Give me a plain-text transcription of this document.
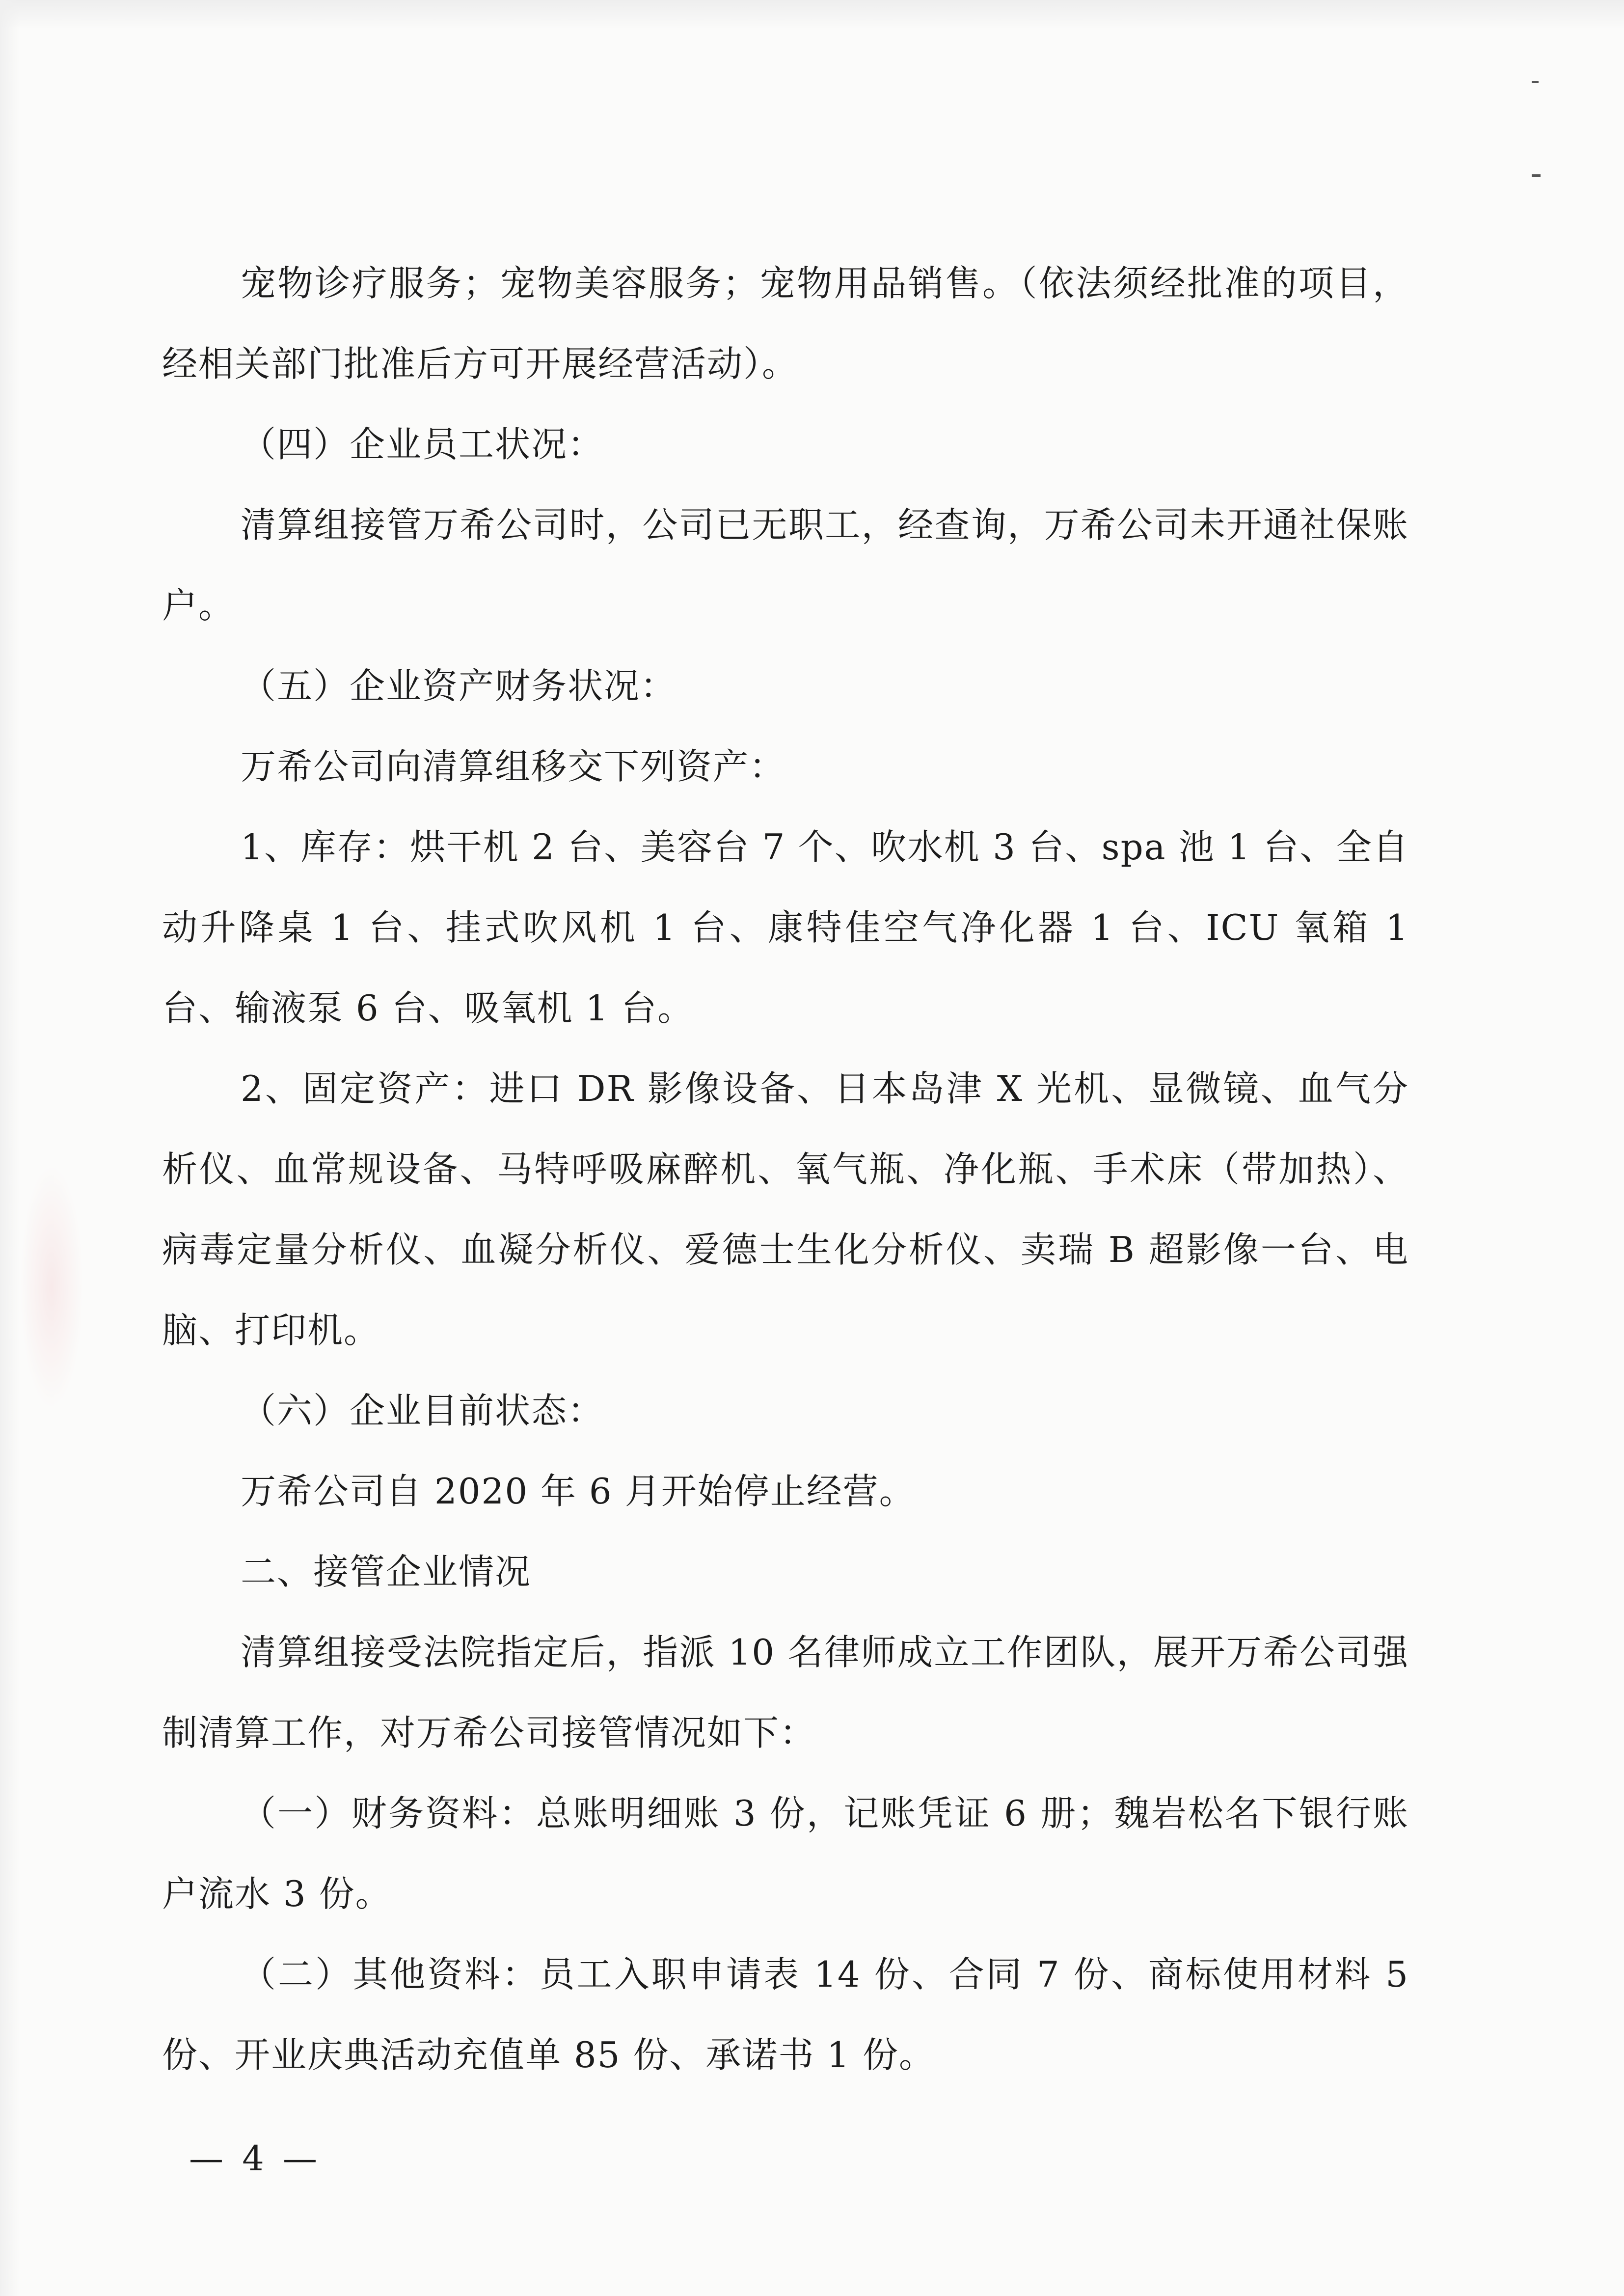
宠物诊疗服务；宠物美容服务；宠物用品销售。（依法须经批准的项目，经相关部门批准后方可开展经营活动）。

（四）企业员工状况：

清算组接管万希公司时，公司已无职工，经查询，万希公司未开通社保账户。

（五）企业资产财务状况：

万希公司向清算组移交下列资产：

1、库存：烘干机 2 台、美容台 7 个、吹水机 3 台、spa 池 1 台、全自动升降桌 1 台、挂式吹风机 1 台、康特佳空气净化器 1 台、ICU 氧箱 1 台、输液泵 6 台、吸氧机 1 台。

2、固定资产：进口 DR 影像设备、日本岛津 X 光机、显微镜、血气分析仪、血常规设备、马特呼吸麻醉机、氧气瓶、净化瓶、手术床（带加热）、病毒定量分析仪、血凝分析仪、爱德士生化分析仪、卖瑞 B 超影像一台、电脑、打印机。

（六）企业目前状态：

万希公司自 2020 年 6 月开始停止经营。

二、接管企业情况

清算组接受法院指定后，指派 10 名律师成立工作团队，展开万希公司强制清算工作，对万希公司接管情况如下：

（一）财务资料：总账明细账 3 份，记账凭证 6 册；魏岩松名下银行账户流水 3 份。

（二）其他资料：员工入职申请表 14 份、合同 7 份、商标使用材料 5 份、开业庆典活动充值单 85 份、承诺书 1 份。

— 4 —
